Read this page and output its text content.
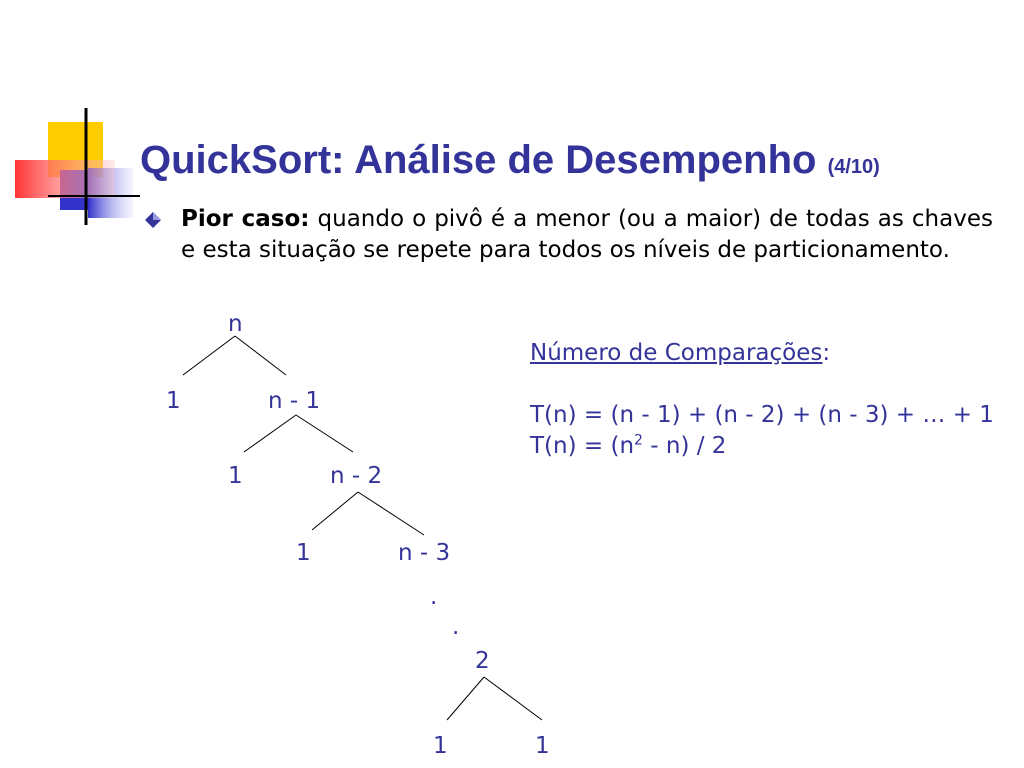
QuickSort: Análise de Desempenho (4/10)
Pior caso: quando o pivô é a menor (ou a maior) de todas as chaves e esta situação se repete para todos os níveis de particionamento.
n
1	n - 1
1	n - 2
1	n - 3
.
.
2
1	1
Número de Comparações:
T(n) = (n - 1) + (n - 2) + (n - 3) + … + 1
$T(n) = (n^2 - n) / 2$
